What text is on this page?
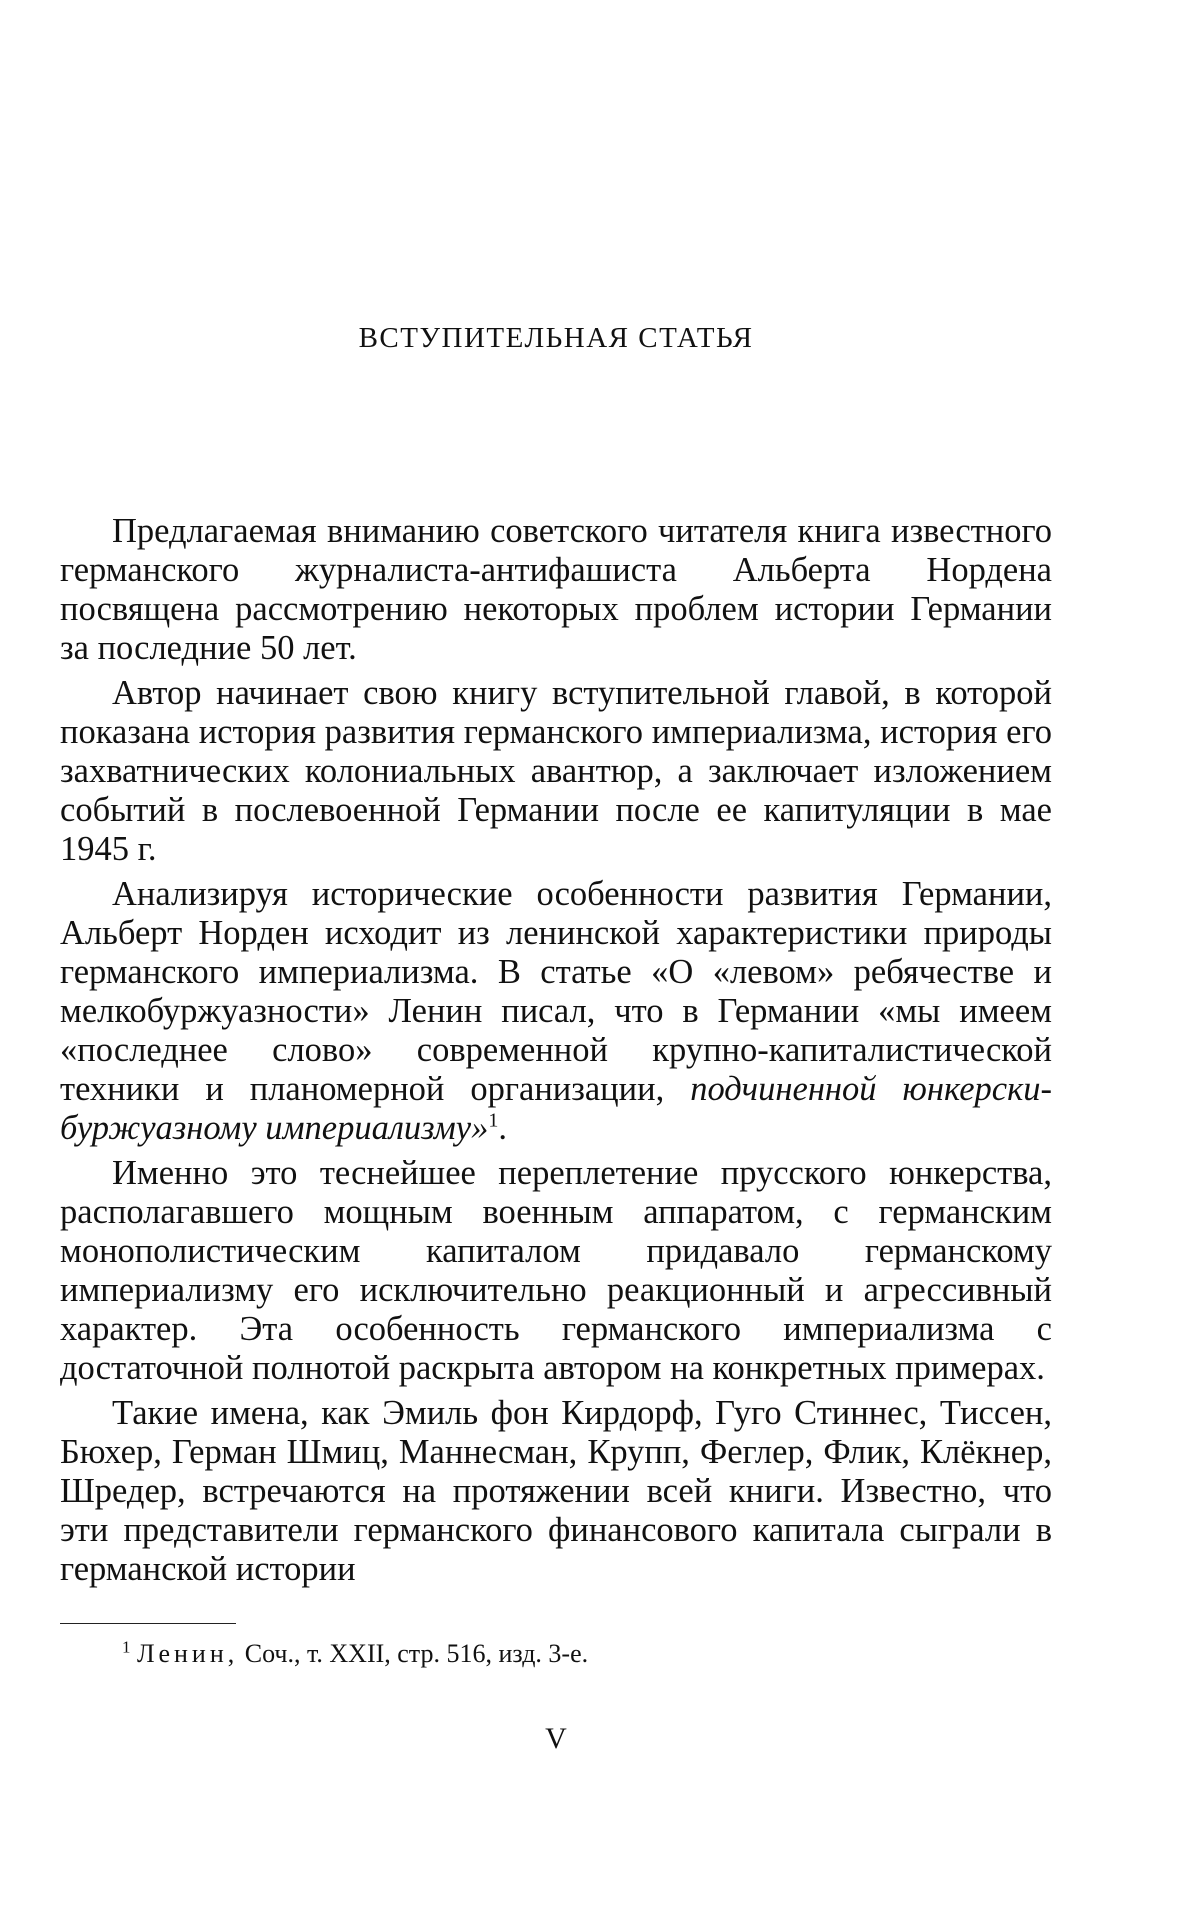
ВСТУПИТЕЛЬНАЯ СТАТЬЯ

Предлагаемая вниманию советского читателя книга известного германского журналиста-антифашиста Альберта Нордена посвящена рассмотрению некоторых проблем истории Германии за последние 50 лет.

Автор начинает свою книгу вступительной главой, в которой показана история развития германского империализма, история его захватнических колониальных авантюр, а заключает изложением событий в послевоенной Германии после ее капитуляции в мае 1945 г.

Анализируя исторические особенности развития Германии, Альберт Норден исходит из ленинской характеристики природы германского империализма. В статье «О «левом» ребячестве и мелкобуржуазности» Ленин писал, что в Германии «мы имеем «последнее слово» современной крупно-капиталистической техники и планомерной организации, подчиненной юнкерски-буржуазному империализму»$^1$.

Именно это теснейшее переплетение прусского юнкерства, располагавшего мощным военным аппаратом, с германским монополистическим капиталом придавало германскому империализму его исключительно реакционный и агрессивный характер. Эта особенность германского империализма с достаточной полнотой раскрыта автором на конкретных примерах.

Такие имена, как Эмиль фон Кирдорф, Гуго Стиннес, Тиссен, Бюхер, Герман Шмиц, Маннесман, Крупп, Феглер, Флик, Клёкнер, Шредер, встречаются на протяжении всей книги. Известно, что эти представители германского финансового капитала сыграли в германской истории

$^1$ Ленин, Соч., т. XXII, стр. 516, изд. 3-е.

V
